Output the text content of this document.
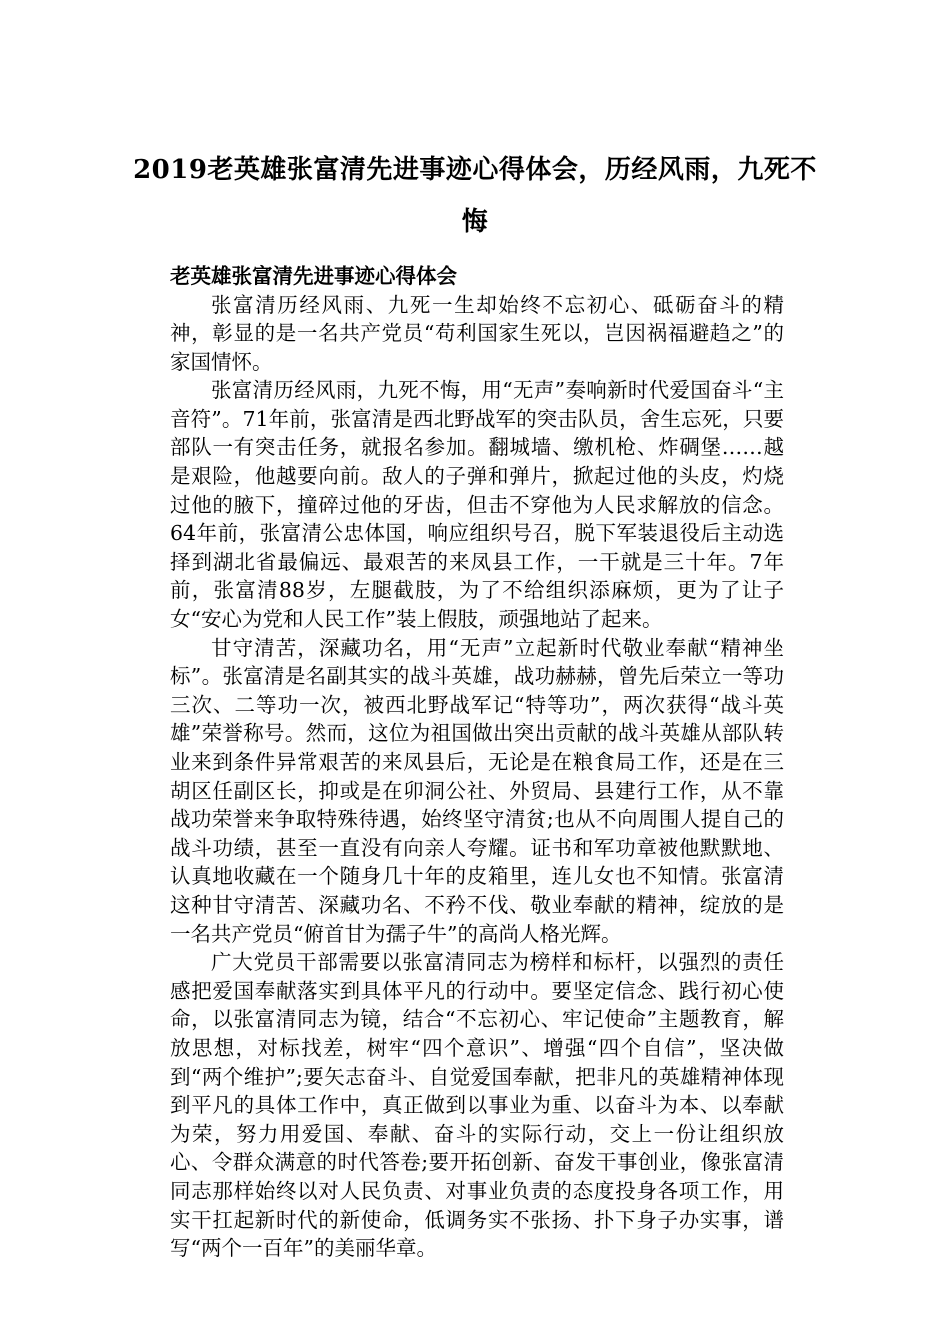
2019老英雄张富清先进事迹心得体会，历经风雨，九死不悔

老英雄张富清先进事迹心得体会

张富清历经风雨、九死一生却始终不忘初心、砥砺奋斗的精神，彰显的是一名共产党员“苟利国家生死以，岂因祸福避趋之”的家国情怀。

张富清历经风雨，九死不悔，用“无声”奏响新时代爱国奋斗“主音符”。71年前，张富清是西北野战军的突击队员，舍生忘死，只要部队一有突击任务，就报名参加。翻城墙、缴机枪、炸碉堡……越是艰险，他越要向前。敌人的子弹和弹片，掀起过他的头皮，灼烧过他的腋下，撞碎过他的牙齿，但击不穿他为人民求解放的信念。64年前，张富清公忠体国，响应组织号召，脱下军装退役后主动选择到湖北省最偏远、最艰苦的来凤县工作，一干就是三十年。7年前，张富清88岁，左腿截肢，为了不给组织添麻烦，更为了让子女“安心为党和人民工作”装上假肢，顽强地站了起来。

甘守清苦，深藏功名，用“无声”立起新时代敬业奉献“精神坐标”。张富清是名副其实的战斗英雄，战功赫赫，曾先后荣立一等功三次、二等功一次，被西北野战军记“特等功”，两次获得“战斗英雄”荣誉称号。然而，这位为祖国做出突出贡献的战斗英雄从部队转业来到条件异常艰苦的来凤县后，无论是在粮食局工作，还是在三胡区任副区长，抑或是在卯洞公社、外贸局、县建行工作，从不靠战功荣誉来争取特殊待遇，始终坚守清贫;也从不向周围人提自己的战斗功绩，甚至一直没有向亲人夸耀。证书和军功章被他默默地、认真地收藏在一个随身几十年的皮箱里，连儿女也不知情。张富清这种甘守清苦、深藏功名、不矜不伐、敬业奉献的精神，绽放的是一名共产党员“俯首甘为孺子牛”的高尚人格光辉。

广大党员干部需要以张富清同志为榜样和标杆，以强烈的责任感把爱国奉献落实到具体平凡的行动中。要坚定信念、践行初心使命，以张富清同志为镜，结合“不忘初心、牢记使命”主题教育，解放思想，对标找差，树牢“四个意识”、增强“四个自信”，坚决做到“两个维护”;要矢志奋斗、自觉爱国奉献，把非凡的英雄精神体现到平凡的具体工作中，真正做到以事业为重、以奋斗为本、以奉献为荣，努力用爱国、奉献、奋斗的实际行动，交上一份让组织放心、令群众满意的时代答卷;要开拓创新、奋发干事创业，像张富清同志那样始终以对人民负责、对事业负责的态度投身各项工作，用实干扛起新时代的新使命，低调务实不张扬、扑下身子办实事，谱写“两个一百年”的美丽华章。
